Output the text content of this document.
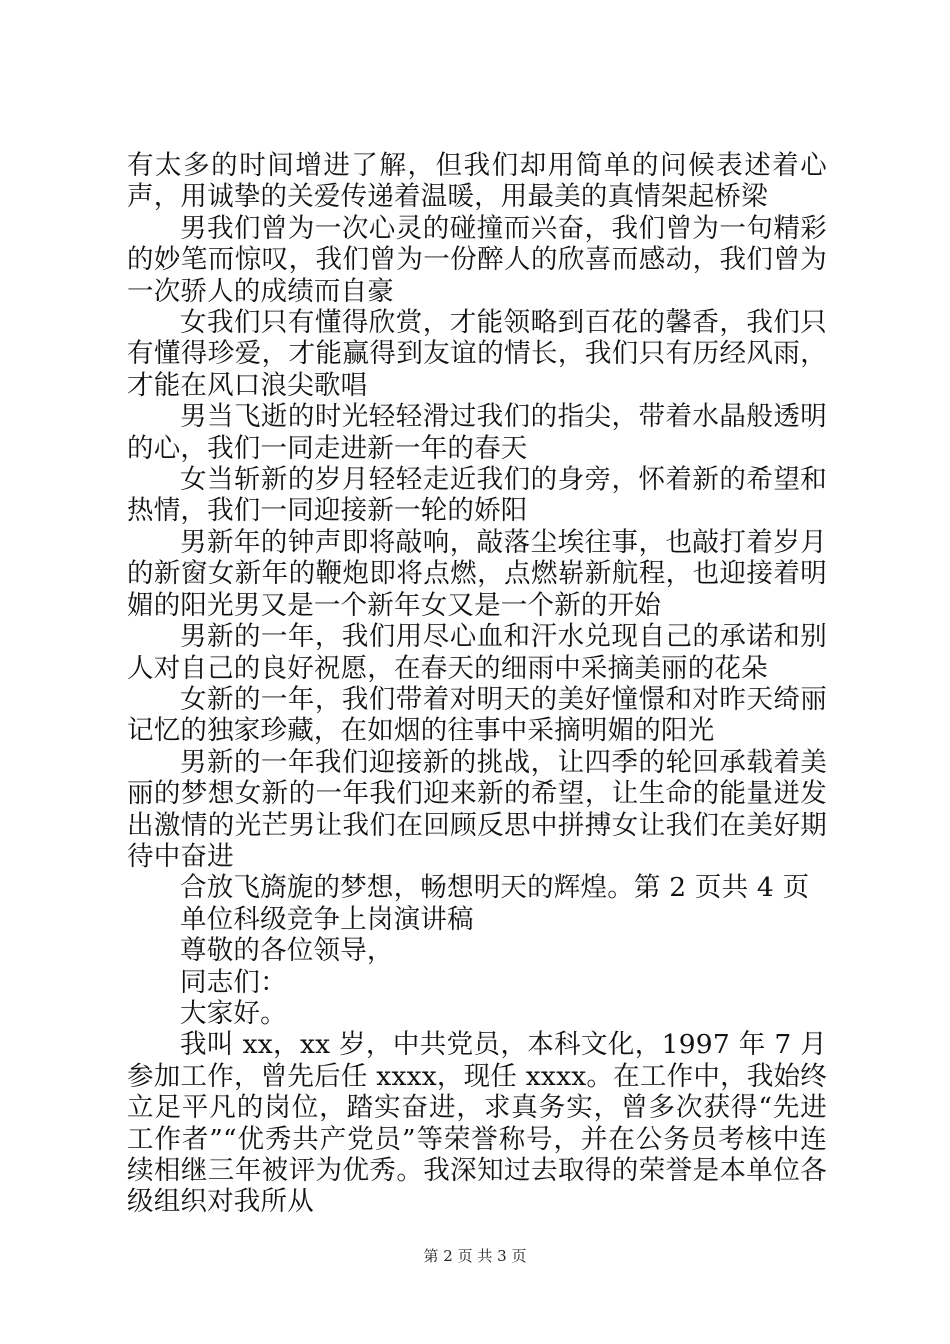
有太多的时间增进了解，但我们却用简单的问候表述着心声，用诚挚的关爱传递着温暖，用最美的真情架起桥梁

男我们曾为一次心灵的碰撞而兴奋，我们曾为一句精彩的妙笔而惊叹，我们曾为一份醉人的欣喜而感动，我们曾为一次骄人的成绩而自豪

女我们只有懂得欣赏，才能领略到百花的馨香，我们只有懂得珍爱，才能赢得到友谊的情长，我们只有历经风雨，才能在风口浪尖歌唱

男当飞逝的时光轻轻滑过我们的指尖，带着水晶般透明的心，我们一同走进新一年的春天

女当斩新的岁月轻轻走近我们的身旁，怀着新的希望和热情，我们一同迎接新一轮的娇阳

男新年的钟声即将敲响，敲落尘埃往事，也敲打着岁月的新窗女新年的鞭炮即将点燃，点燃崭新航程，也迎接着明媚的阳光男又是一个新年女又是一个新的开始

男新的一年，我们用尽心血和汗水兑现自己的承诺和别人对自己的良好祝愿，在春天的细雨中采摘美丽的花朵

女新的一年，我们带着对明天的美好憧憬和对昨天绮丽记忆的独家珍藏，在如烟的往事中采摘明媚的阳光

男新的一年我们迎接新的挑战，让四季的轮回承载着美丽的梦想女新的一年我们迎来新的希望，让生命的能量迸发出激情的光芒男让我们在回顾反思中拼搏女让我们在美好期待中奋进

合放飞旖旎的梦想，畅想明天的辉煌。第 2 页共 4 页

单位科级竞争上岗演讲稿

尊敬的各位领导，

同志们：

大家好。

我叫 xx，xx 岁，中共党员，本科文化，1997 年 7 月参加工作，曾先后任 xxxx，现任 xxxx。在工作中，我始终立足平凡的岗位，踏实奋进，求真务实，曾多次获得“先进工作者”“优秀共产党员”等荣誉称号，并在公务员考核中连续相继三年被评为优秀。我深知过去取得的荣誉是本单位各级组织对我所从

第 2 页 共 3 页
